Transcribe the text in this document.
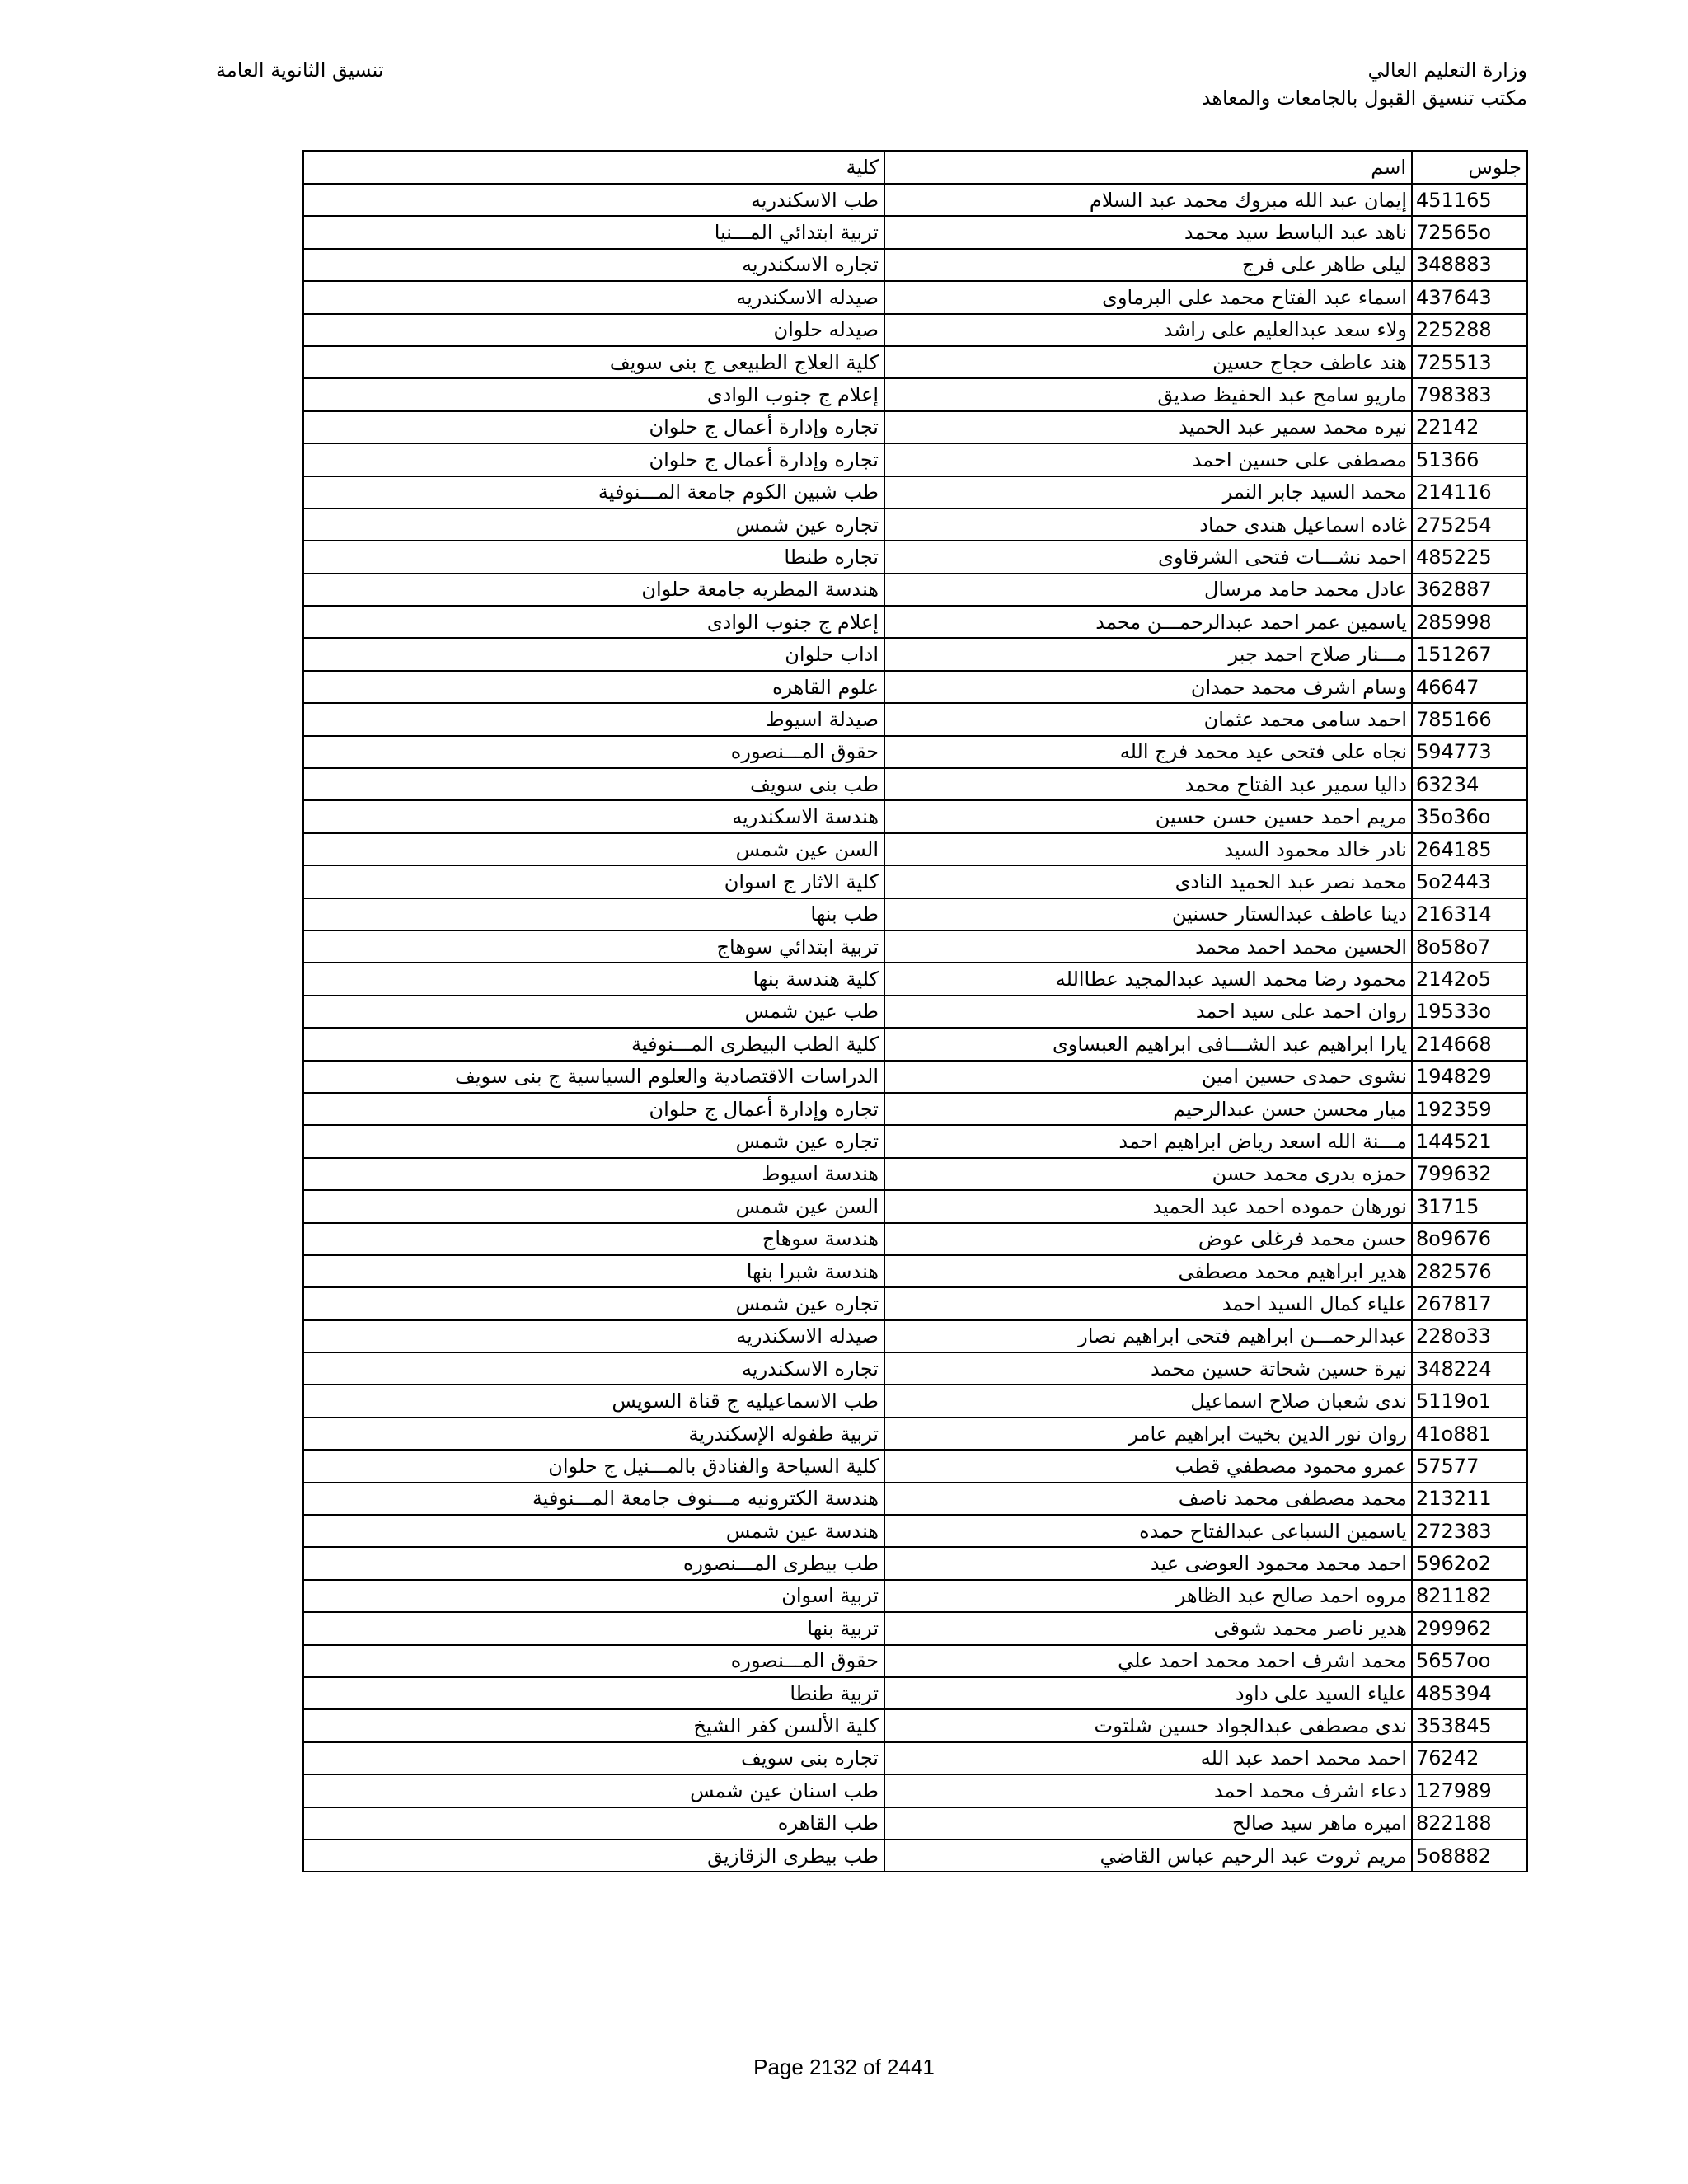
وزارة التعليم العالي
مكتب تنسيق القبول بالجامعات والمعاهد
تنسيق الثانوية العامة
جلوس	اسم	كلية
451165	إيمان عبد الله مبروك محمد عبد السلام	طب الاسكندريه
72565o	ناهد عبد الباسط سيد محمد	تربية ابتدائي المـــنيا
348883	ليلى طاهر على فرج	تجاره الاسكندريه
437643	اسماء عبد الفتاح محمد على البرماوى	صيدله الاسكندريه
225288	ولاء سعد عبدالعليم على راشد	صيدله حلوان
725513	هند عاطف حجاج حسين	كلية العلاج الطبيعى ج بنى سويف
798383	ماريو سامح عبد الحفيظ صديق	إعلام ج جنوب الوادى
22142	نيره محمد سمير عبد الحميد	تجاره وإدارة أعمال ج حلوان
51366	مصطفى على حسين احمد	تجاره وإدارة أعمال ج حلوان
214116	محمد السيد جابر النمر	طب شبين الكوم جامعة المـــنوفية
275254	غاده اسماعيل هندى حماد	تجاره عين شمس
485225	احمد نشـــات فتحى الشرقاوى	تجاره طنطا
362887	عادل محمد حامد مرسال	هندسة المطريه جامعة حلوان
285998	ياسمين عمر احمد عبدالرحمـــن محمد	إعلام ج جنوب الوادى
151267	مـــنار صلاح احمد جبر	اداب حلوان
46647	وسام اشرف محمد حمدان	علوم القاهره
785166	احمد سامى محمد عثمان	صيدلة اسيوط
594773	نجاه على فتحى عيد محمد فرج الله	حقوق المـــنصوره
63234	داليا سمير عبد الفتاح محمد	طب بنى سويف
35o36o	مريم احمد حسين حسن حسين	هندسة الاسكندريه
264185	نادر خالد محمود السيد	السن عين شمس
5o2443	محمد نصر عبد الحميد النادى	كلية الاثار ج اسوان
216314	دينا عاطف عبدالستار حسنين	طب بنها
8o58o7	الحسين محمد احمد محمد	تربية ابتدائي سوهاج
2142o5	محمود رضا محمد السيد عبدالمجيد عطاالله	كلية هندسة بنها
19533o	روان احمد على سيد احمد	طب عين شمس
214668	يارا ابراهيم عبد الشـــافى ابراهيم العبساوى	كلية الطب البيطرى المـــنوفية
194829	نشوى حمدى حسين امين	الدراسات الاقتصادية والعلوم السياسية ج بنى سويف
192359	ميار محسن حسن عبدالرحيم	تجاره وإدارة أعمال ج حلوان
144521	مـــنة الله اسعد رياض ابراهيم احمد	تجاره عين شمس
799632	حمزه بدرى محمد حسن	هندسة اسيوط
31715	نورهان حموده احمد عبد الحميد	السن عين شمس
8o9676	حسن محمد فرغلى عوض	هندسة سوهاج
282576	هدير ابراهيم محمد مصطفى	هندسة شبرا بنها
267817	علياء كمال السيد احمد	تجاره عين شمس
228o33	عبدالرحمـــن ابراهيم فتحى ابراهيم نصار	صيدله الاسكندريه
348224	نيرة حسين شحاتة حسين محمد	تجاره الاسكندريه
5119o1	ندى شعبان صلاح اسماعيل	طب الاسماعيليه ج قناة السويس
41o881	روان نور الدين بخيت ابراهيم عامر	تربية طفوله الإسكندرية
57577	عمرو محمود مصطفي قطب	كلية السياحة والفنادق بالمـــنيل ج حلوان
213211	محمد مصطفى محمد ناصف	هندسة الكترونيه مـــنوف جامعة المـــنوفية
272383	ياسمين السباعى عبدالفتاح حمده	هندسة عين شمس
5962o2	احمد محمد محمود العوضى عيد	طب بيطرى المـــنصوره
821182	مروه احمد صالح عبد الظاهر	تربية اسوان
299962	هدير ناصر محمد شوقى	تربية بنها
5657oo	محمد اشرف احمد محمد احمد علي	حقوق المـــنصوره
485394	علياء السيد على داود	تربية طنطا
353845	ندى مصطفى عبدالجواد حسين شلتوت	كلية الألسن كفر الشيخ
76242	احمد محمد احمد عبد الله	تجاره بنى سويف
127989	دعاء اشرف محمد احمد	طب اسنان عين شمس
822188	اميره ماهر سيد صالح	طب القاهره
5o8882	مريم ثروت عبد الرحيم عباس القاضي	طب بيطرى الزقازيق
Page 2132 of 2441
